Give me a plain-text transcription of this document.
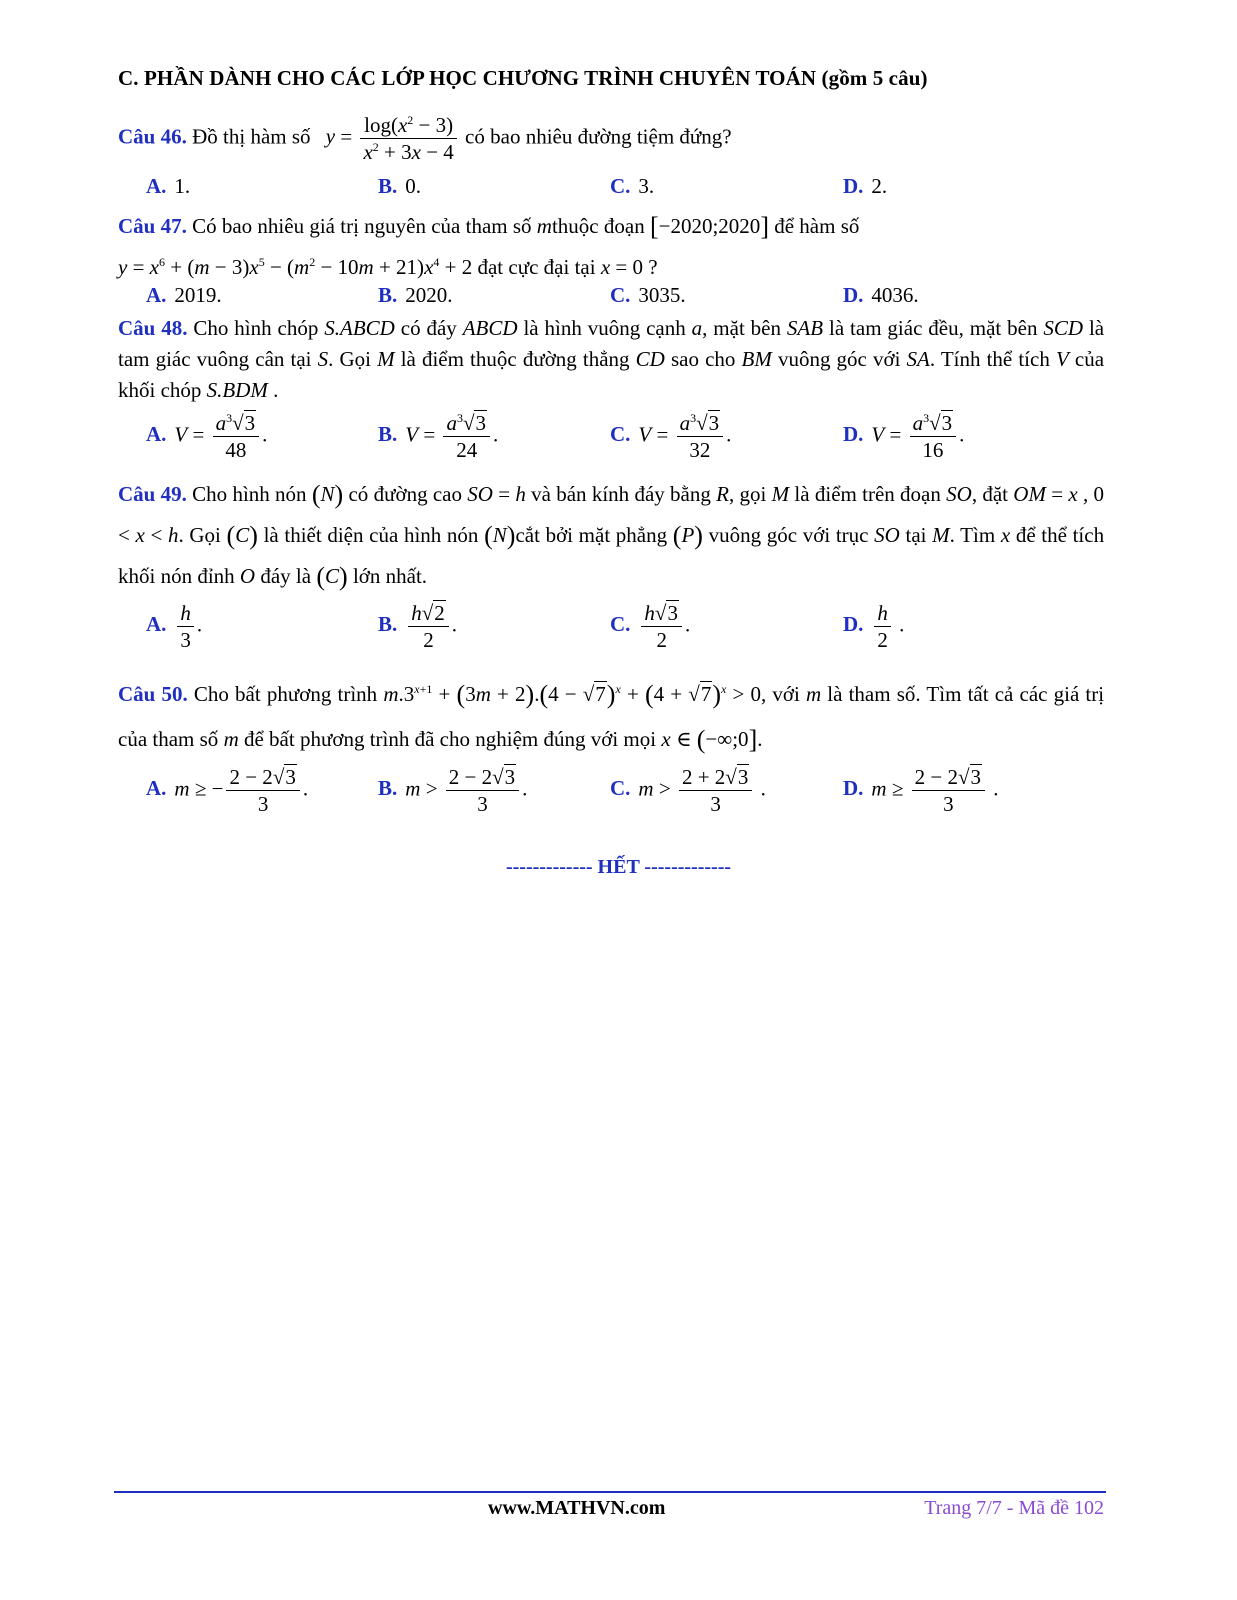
C. PHẦN DÀNH CHO CÁC LỚP HỌC CHƯƠNG TRÌNH CHUYÊN TOÁN (gồm 5 câu)
Câu 46. Đồ thị hàm số $y = \frac{\log(x^2 - 3)}{x^2 + 3x - 4}$ có bao nhiêu đường tiệm đứng?
A. 1.	B. 0.	C. 3.	D. 2.
Câu 47. Có bao nhiêu giá trị nguyên của tham số mthuộc đoạn [−2020;2020] để hàm số
$y = x^6 + (m - 3)x^5 - (m^2 - 10m + 21)x^4 + 2$ đạt cực đại tại x = 0 ?
A. 2019.	B. 2020.	C. 3035.	D. 4036.
Câu 48. Cho hình chóp S.ABCD có đáy ABCD là hình vuông cạnh a, mặt bên SAB là tam giác đều, mặt bên SCD là tam giác vuông cân tại S. Gọi M là điểm thuộc đường thẳng CD sao cho BM vuông góc với SA. Tính thể tích V của khối chóp S.BDM .
A. $V = \frac{a^3√3}{48}$ .	B. $V = \frac{a^3√3}{24}$ .	C. $V = \frac{a^3√3}{32}$ .	D. $V = \frac{a^3√3}{16}$ .
Câu 49. Cho hình nón (N) có đường cao SO = h và bán kính đáy bằng R, gọi M là điểm trên đoạn SO, đặt OM = x , 0 < x < h. Gọi (C) là thiết diện của hình nón (N)cắt bởi mặt phẳng (P) vuông góc với trục SO tại M. Tìm x để thể tích khối nón đỉnh O đáy là (C) lớn nhất.
A. $\frac{h}{3}$ .	B. $\frac{h√2}{2}$ .	C. $\frac{h√3}{2}$ .	D. $\frac{h}{2}$ .
Câu 50. Cho bất phương trình $m.3^{x+1} + (3m + 2).(4 - √7)^x + (4 + √7)^x > 0$, với m là tham số. Tìm tất cả các giá trị của tham số m để bất phương trình đã cho nghiệm đúng với mọi x ∈ (−∞;0].
A. m ≥ − $\frac{2 - 2√3}{3}$ .	B. $m > \frac{2 - 2√3}{3}$ .	C. $m > \frac{2 + 2√3}{3}$ .	D. $m \ge \frac{2 - 2√3}{3}$ .
------------- HẾT -------------
www.MATHVN.com	Trang 7/7 - Mã đề 102
